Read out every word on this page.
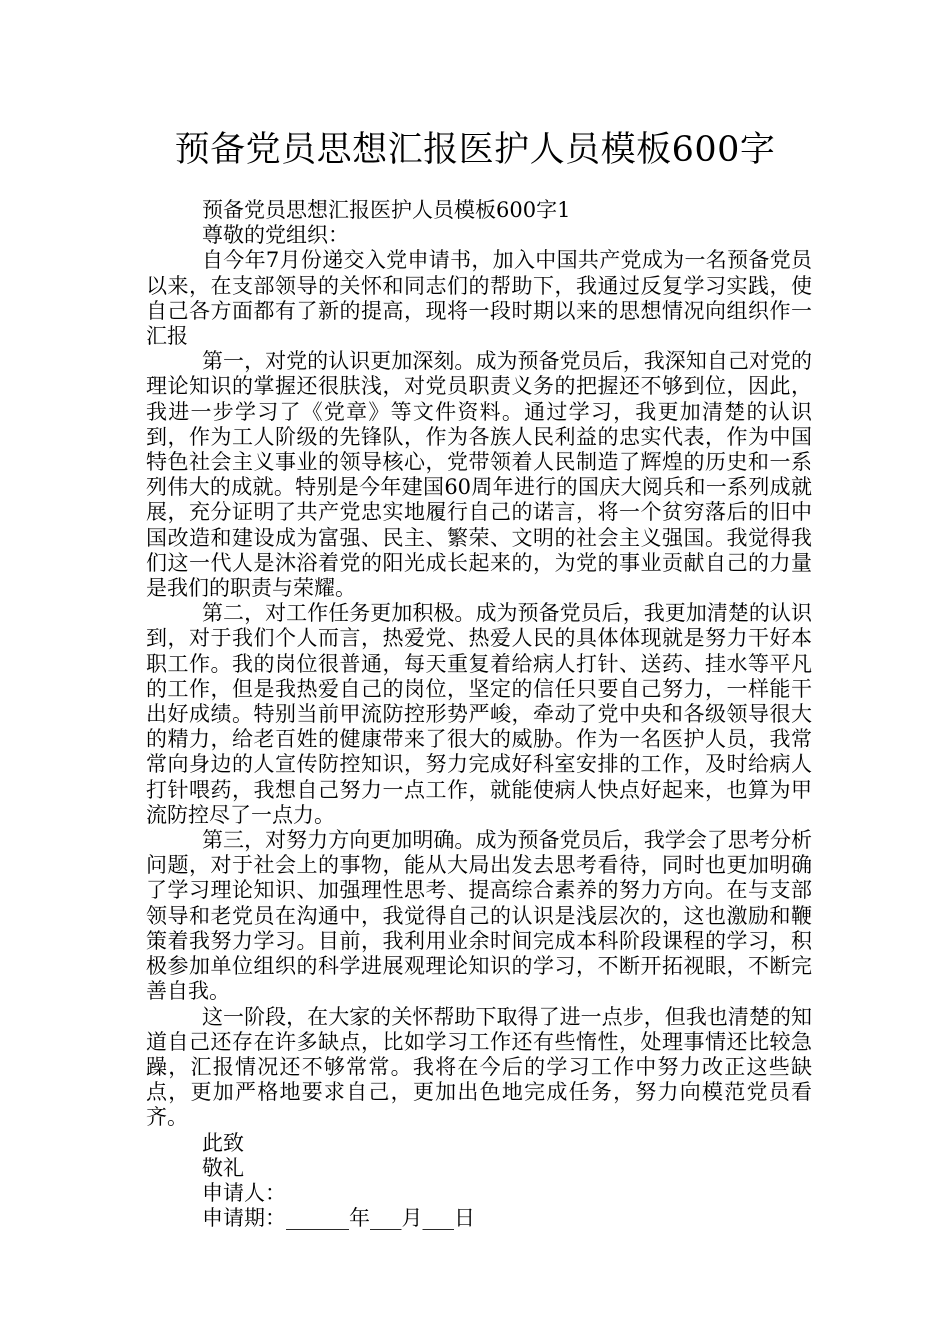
预备党员思想汇报医护人员模板600字

预备党员思想汇报医护人员模板600字1

尊敬的党组织：

自今年7月份递交入党申请书，加入中国共产党成为一名预备党员以来，在支部领导的关怀和同志们的帮助下，我通过反复学习实践，使自己各方面都有了新的提高，现将一段时期以来的思想情况向组织作一汇报

第一，对党的认识更加深刻。成为预备党员后，我深知自己对党的理论知识的掌握还很肤浅，对党员职责义务的把握还不够到位，因此，我进一步学习了《党章》等文件资料。通过学习，我更加清楚的认识到，作为工人阶级的先锋队，作为各族人民利益的忠实代表，作为中国特色社会主义事业的领导核心，党带领着人民制造了辉煌的历史和一系列伟大的成就。特别是今年建国60周年进行的国庆大阅兵和一系列成就展，充分证明了共产党忠实地履行自己的诺言，将一个贫穷落后的旧中国改造和建设成为富强、民主、繁荣、文明的社会主义强国。我觉得我们这一代人是沐浴着党的阳光成长起来的，为党的事业贡献自己的力量是我们的职责与荣耀。

第二，对工作任务更加积极。成为预备党员后，我更加清楚的认识到，对于我们个人而言，热爱党、热爱人民的具体体现就是努力干好本职工作。我的岗位很普通，每天重复着给病人打针、送药、挂水等平凡的工作，但是我热爱自己的岗位，坚定的信任只要自己努力，一样能干出好成绩。特别当前甲流防控形势严峻，牵动了党中央和各级领导很大的精力，给老百姓的健康带来了很大的威胁。作为一名医护人员，我常常向身边的人宣传防控知识，努力完成好科室安排的工作，及时给病人打针喂药，我想自己努力一点工作，就能使病人快点好起来，也算为甲流防控尽了一点力。

第三，对努力方向更加明确。成为预备党员后，我学会了思考分析问题，对于社会上的事物，能从大局出发去思考看待，同时也更加明确了学习理论知识、加强理性思考、提高综合素养的努力方向。在与支部领导和老党员在沟通中，我觉得自己的认识是浅层次的，这也激励和鞭策着我努力学习。目前，我利用业余时间完成本科阶段课程的学习，积极参加单位组织的科学进展观理论知识的学习，不断开拓视眼，不断完善自我。

这一阶段，在大家的关怀帮助下取得了进一点步，但我也清楚的知道自己还存在许多缺点，比如学习工作还有些惰性，处理事情还比较急躁，汇报情况还不够常常。我将在今后的学习工作中努力改正这些缺点，更加严格地要求自己，更加出色地完成任务，努力向模范党员看齐。

此致

敬礼

申请人：

申请期：______年___月___日
